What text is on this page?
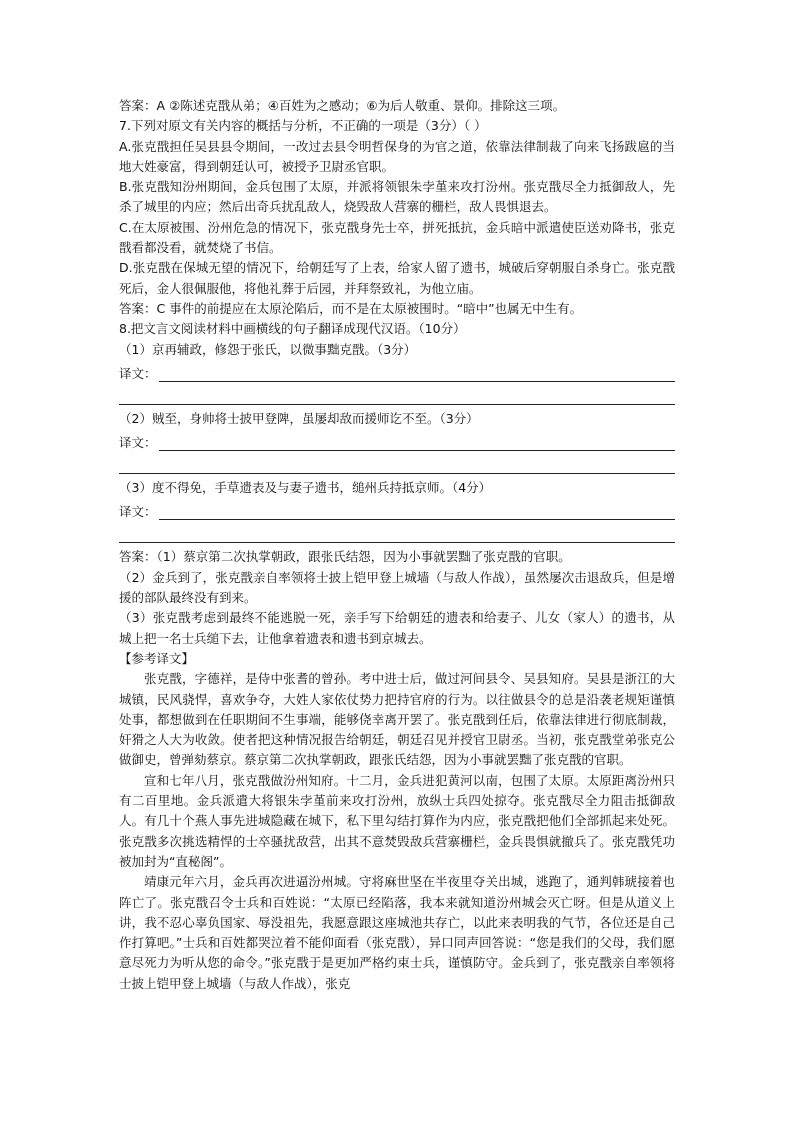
答案：A ②陈述克戬从弟；④百姓为之感动；⑥为后人敬重、景仰。排除这三项。
7.下列对原文有关内容的概括与分析，不正确的一项是（3分）（ ）
A.张克戬担任吴县县令期间，一改过去县令明哲保身的为官之道，依靠法律制裁了向来飞扬跋扈的当地大姓豪富，得到朝廷认可，被授予卫尉丞官职。
B.张克戬知汾州期间，金兵包围了太原，并派将领银朱孛堇来攻打汾州。张克戬尽全力抵御敌人，先杀了城里的内应；然后出奇兵扰乱敌人，烧毁敌人营寨的栅栏，敌人畏惧退去。
C.在太原被围、汾州危急的情况下，张克戬身先士卒，拼死抵抗，金兵暗中派遣使臣送劝降书，张克戬看都没看，就焚烧了书信。
D.张克戬在保城无望的情况下，给朝廷写了上表，给家人留了遗书，城破后穿朝服自杀身亡。张克戬死后，金人很佩服他，将他礼葬于后园，并拜祭致礼，为他立庙。
答案：C 事件的前提应在太原沦陷后，而不是在太原被围时。“暗中”也属无中生有。
8.把文言文阅读材料中画横线的句子翻译成现代汉语。（10分）
（1）京再辅政，修怨于张氏，以微事黜克戬。（3分）
译文：
（2）贼至，身帅将士披甲登陴，虽屡却敌而援师讫不至。（3分）
译文：
（3）度不得免，手草遗表及与妻子遗书，缒州兵持抵京师。（4分）
译文：
答案：（1）蔡京第二次执掌朝政，跟张氏结怨，因为小事就罢黜了张克戬的官职。
（2）金兵到了，张克戬亲自率领将士披上铠甲登上城墙（与敌人作战），虽然屡次击退敌兵，但是增援的部队最终没有到来。
（3）张克戬考虑到最终不能逃脱一死，亲手写下给朝廷的遗表和给妻子、儿女（家人）的遗书，从城上把一名士兵缒下去，让他拿着遗表和遗书到京城去。
【参考译文】
张克戬，字德祥，是侍中张耆的曾孙。考中进士后，做过河间县令、吴县知府。吴县是浙江的大城镇，民风骁悍，喜欢争夺，大姓人家依仗势力把持官府的行为。以往做县令的总是沿袭老规矩谨慎处事，都想做到在任职期间不生事端，能够侥幸离开罢了。张克戬到任后，依靠法律进行彻底制裁，奸猾之人大为收敛。使者把这种情况报告给朝廷，朝廷召见并授官卫尉丞。当初，张克戬堂弟张克公做御史，曾弹劾蔡京。蔡京第二次执掌朝政，跟张氏结怨，因为小事就罢黜了张克戬的官职。
宣和七年八月，张克戬做汾州知府。十二月，金兵进犯黄河以南，包围了太原。太原距离汾州只有二百里地。金兵派遣大将银朱孛堇前来攻打汾州，放纵士兵四处掠夺。张克戬尽全力阻击抵御敌人。有几十个燕人事先进城隐藏在城下，私下里勾结打算作为内应，张克戬把他们全部抓起来处死。张克戬多次挑选精悍的士卒骚扰敌营，出其不意焚毁敌兵营寨栅栏，金兵畏惧就撤兵了。张克戬凭功被加封为“直秘阁”。
靖康元年六月，金兵再次进逼汾州城。守将麻世坚在半夜里夺关出城，逃跑了，通判韩琥接着也阵亡了。张克戬召令士兵和百姓说：“太原已经陷落，我本来就知道汾州城会灭亡呀。但是从道义上讲，我不忍心辜负国家、辱没祖先，我愿意跟这座城池共存亡，以此来表明我的气节，各位还是自己作打算吧。”士兵和百姓都哭泣着不能仰面看（张克戬），异口同声回答说：“您是我们的父母，我们愿意尽死力为听从您的命令。”张克戬于是更加严格约束士兵，谨慎防守。金兵到了，张克戬亲自率领将士披上铠甲登上城墙（与敌人作战），张克
